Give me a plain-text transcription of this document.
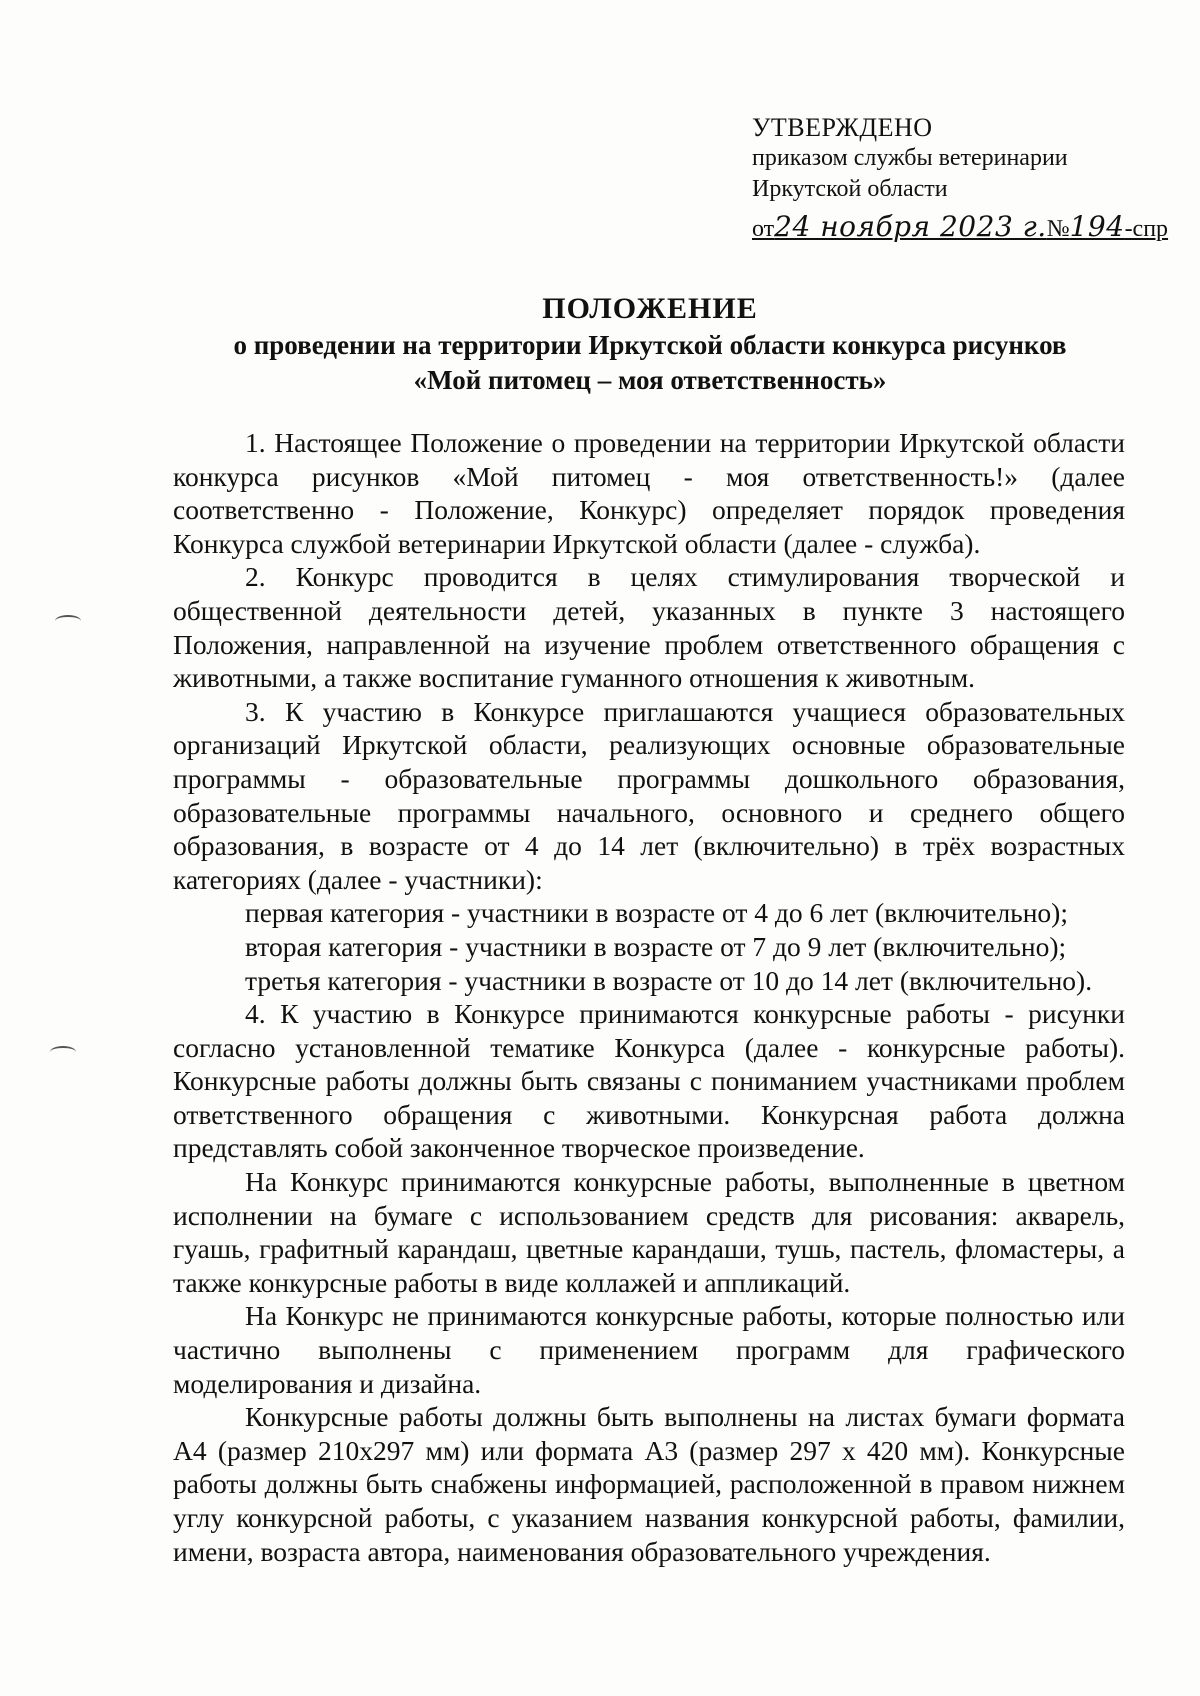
УТВЕРЖДЕНО
приказом службы ветеринарии
Иркутской области
от24 ноября 2023 г.№194-спр
ПОЛОЖЕНИЕ
о проведении на территории Иркутской области конкурса рисунков
«Мой питомец – моя ответственность»

1. Настоящее Положение о проведении на территории Иркутской области конкурса рисунков «Мой питомец - моя ответственность!» (далее соответственно - Положение, Конкурс) определяет порядок проведения Конкурса службой ветеринарии Иркутской области (далее - служба).

2. Конкурс проводится в целях стимулирования творческой и общественной деятельности детей, указанных в пункте 3 настоящего Положения, направленной на изучение проблем ответственного обращения с животными, а также воспитание гуманного отношения к животным.

3. К участию в Конкурсе приглашаются учащиеся образовательных организаций Иркутской области, реализующих основные образовательные программы - образовательные программы дошкольного образования, образовательные программы начального, основного и среднего общего образования, в возрасте от 4 до 14 лет (включительно) в трёх возрастных категориях (далее - участники):

первая категория - участники в возрасте от 4 до 6 лет (включительно);

вторая категория - участники в возрасте от 7 до 9 лет (включительно);

третья категория - участники в возрасте от 10 до 14 лет (включительно).

4. К участию в Конкурсе принимаются конкурсные работы - рисунки согласно установленной тематике Конкурса (далее - конкурсные работы). Конкурсные работы должны быть связаны с пониманием участниками проблем ответственного обращения с животными. Конкурсная работа должна представлять собой законченное творческое произведение.

На Конкурс принимаются конкурсные работы, выполненные в цветном исполнении на бумаге с использованием средств для рисования: акварель, гуашь, графитный карандаш, цветные карандаши, тушь, пастель, фломастеры, а также конкурсные работы в виде коллажей и аппликаций.

На Конкурс не принимаются конкурсные работы, которые полностью или частично выполнены с применением программ для графического моделирования и дизайна.

Конкурсные работы должны быть выполнены на листах бумаги формата А4 (размер 210х297 мм) или формата А3 (размер 297 х 420 мм). Конкурсные работы должны быть снабжены информацией, расположенной в правом нижнем углу конкурсной работы, с указанием названия конкурсной работы, фамилии, имени, возраста автора, наименования образовательного учреждения.
